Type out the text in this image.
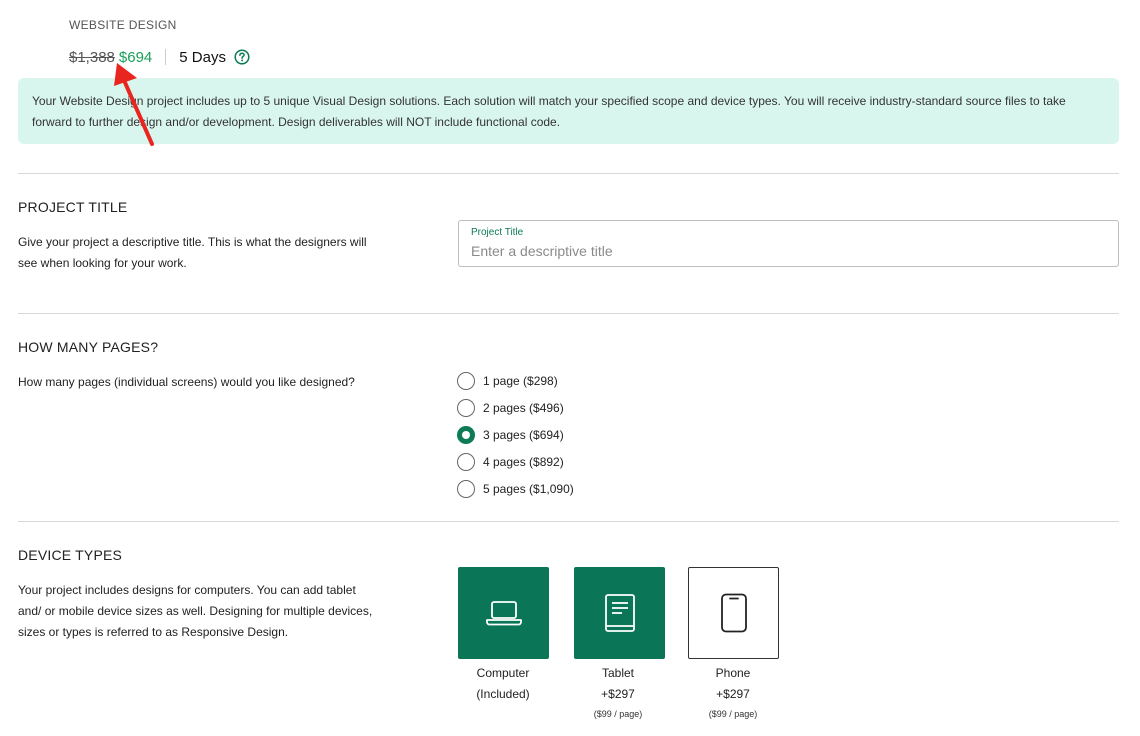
WEBSITE DESIGN
$1,388 $694 5 Days
Your Website Design project includes up to 5 unique Visual Design solutions. Each solution will match your specified scope and device types. You will receive industry-standard source files to take forward to further design and/or development. Design deliverables will NOT include functional code.
PROJECT TITLE
Give your project a descriptive title. This is what the designers will see when looking for your work.
Project Title
Enter a descriptive title
HOW MANY PAGES?
How many pages (individual screens) would you like designed?	1 page ($298)
2 pages ($496)
3 pages ($694)
4 pages ($892)
5 pages ($1,090)
DEVICE TYPES
Your project includes designs for computers. You can add tablet and/ or mobile device sizes as well. Designing for multiple devices, sizes or types is referred to as Responsive Design.
Computer
(Included)
Tablet
+$297
($99 / page)
Phone
+$297
($99 / page)
